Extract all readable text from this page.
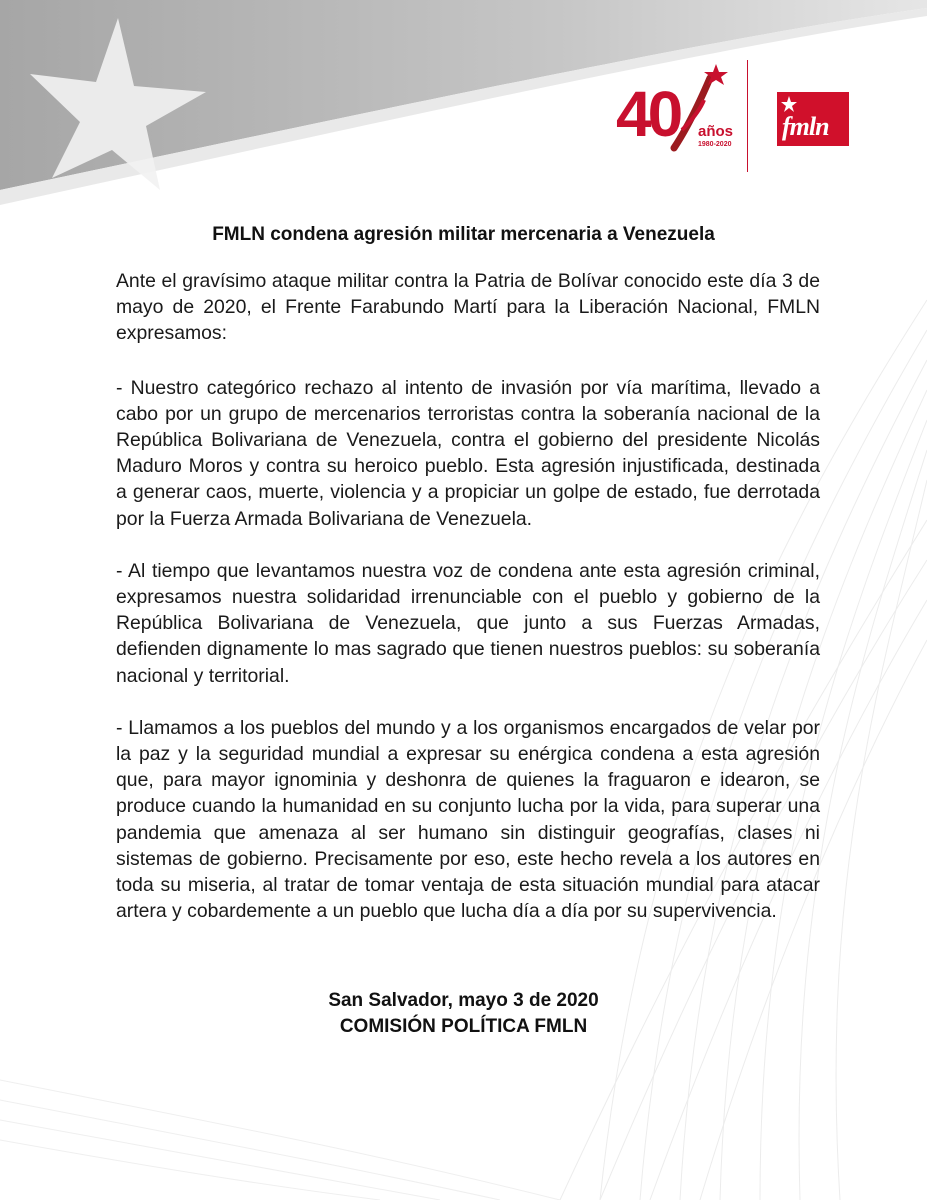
40 años
1980-2020
fmln
FMLN condena agresión militar mercenaria a Venezuela

Ante el gravísimo ataque militar contra la Patria de Bolívar conocido este día 3 de mayo de 2020, el Frente Farabundo Martí para la Liberación Nacional, FMLN expresamos:

- Nuestro categórico rechazo al intento de invasión por vía marítima, llevado a cabo por un grupo de mercenarios terroristas contra la soberanía nacional de la República Bolivariana de Venezuela, contra el gobierno del presidente Nicolás Maduro Moros y contra su heroico pueblo. Esta agresión injustificada, destinada a generar caos, muerte, violencia y a propiciar un golpe de estado, fue derrotada por la Fuerza Armada Bolivariana de Venezuela.

- Al tiempo que levantamos nuestra voz de condena ante esta agresión criminal, expresamos nuestra solidaridad irrenunciable con el pueblo y gobierno de la República Bolivariana de Venezuela, que junto a sus Fuerzas Armadas, defienden dignamente lo mas sagrado que tienen nuestros pueblos: su soberanía nacional y territorial.

- Llamamos a los pueblos del mundo y a los organismos encargados de velar por la paz y la seguridad mundial a expresar su enérgica condena a esta agresión que, para mayor ignominia y deshonra de quienes la fraguaron e idearon, se produce cuando la humanidad en su conjunto lucha por la vida, para superar una pandemia que amenaza al ser humano sin distinguir geografías, clases ni sistemas de gobierno. Precisamente por eso, este hecho revela a los autores en toda su miseria, al tratar de tomar ventaja de esta situación mundial para atacar artera y cobardemente a un pueblo que lucha día a día por su supervivencia.

San Salvador, mayo 3 de 2020
COMISIÓN POLÍTICA FMLN
